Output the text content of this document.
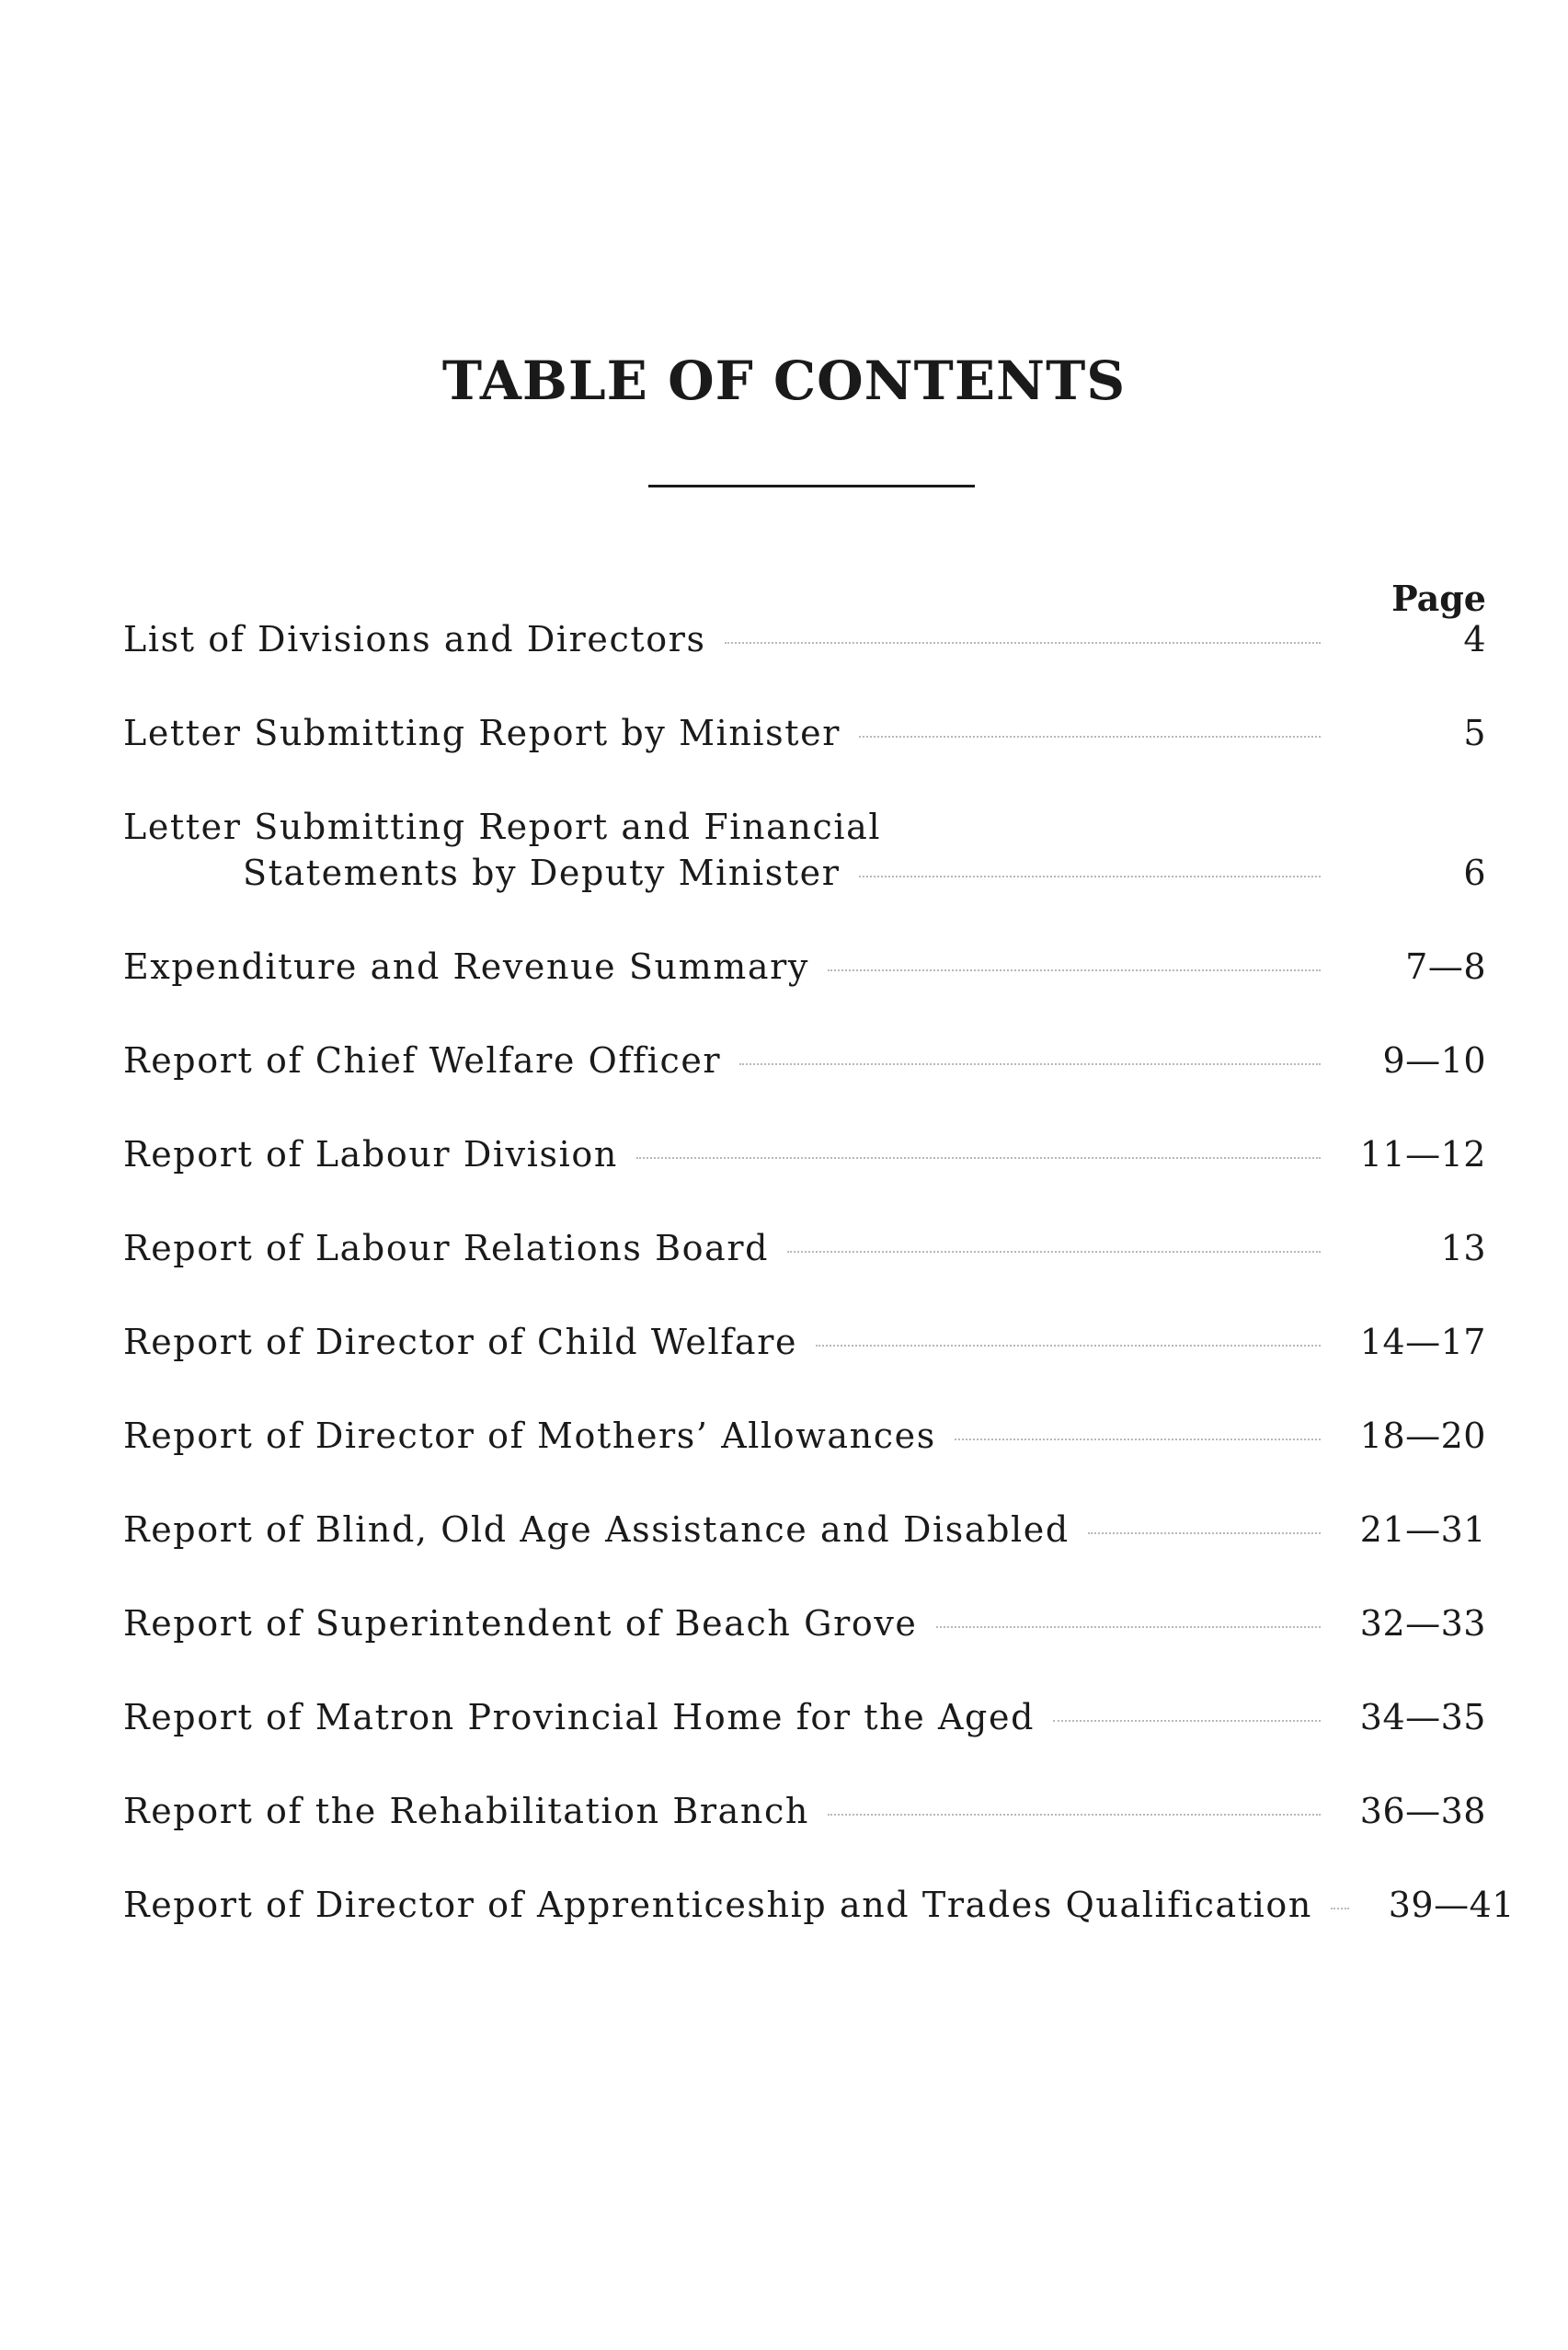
TABLE OF CONTENTS
Page
List of Divisions and Directors	4
Letter Submitting Report by Minister	5
Letter Submitting Report and Financial
Statements by Deputy Minister	6
Expenditure and Revenue Summary	7—8
Report of Chief Welfare Officer	9—10
Report of Labour Division	11—12
Report of Labour Relations Board	13
Report of Director of Child Welfare	14—17
Report of Director of Mothers’ Allowances	18—20
Report of Blind, Old Age Assistance and Disabled	21—31
Report of Superintendent of Beach Grove	32—33
Report of Matron Provincial Home for the Aged	34—35
Report of the Rehabilitation Branch	36—38
Report of Director of Apprenticeship and Trades Qualification	39—41
